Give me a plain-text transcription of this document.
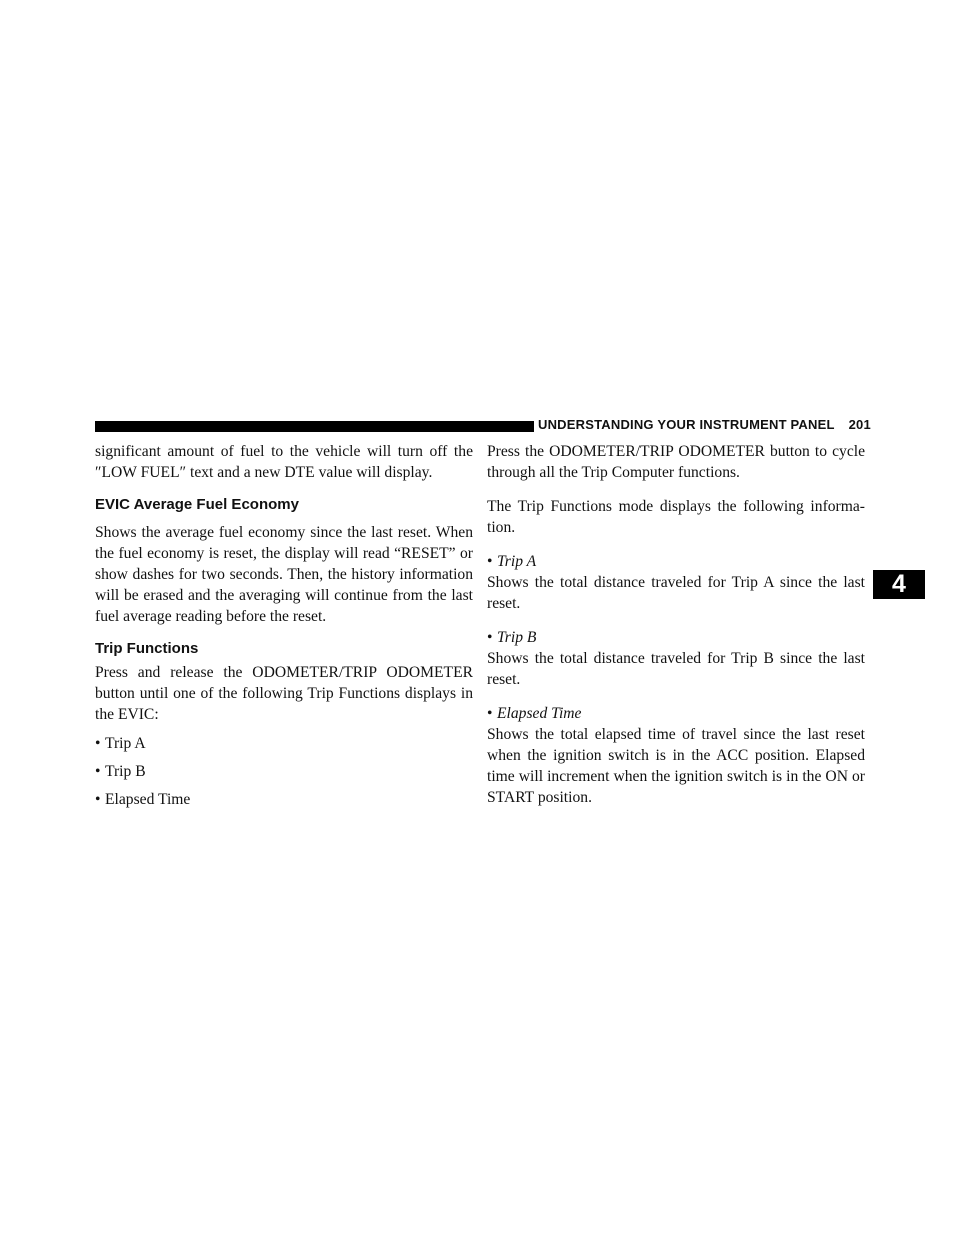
UNDERSTANDING YOUR INSTRUMENT PANEL 201
4

significant amount of fuel to the vehicle will turn off the ″LOW FUEL″ text and a new DTE value will display.

EVIC Average Fuel Economy

Shows the average fuel economy since the last reset. When the fuel economy is reset, the display will read “RESET” or show dashes for two seconds. Then, the history information will be erased and the averaging will continue from the last fuel average reading before the reset.

Trip Functions

Press and release the ODOMETER/TRIP ODOMETER button until one of the following Trip Functions displays in the EVIC:

• Trip A
• Trip B
• Elapsed Time

Press the ODOMETER/TRIP ODOMETER button to cycle through all the Trip Computer functions.

The Trip Functions mode displays the following informa-tion.

• Trip A

Shows the total distance traveled for Trip A since the last reset.

• Trip B

Shows the total distance traveled for Trip B since the last reset.

• Elapsed Time

Shows the total elapsed time of travel since the last reset when the ignition switch is in the ACC position. Elapsed time will increment when the ignition switch is in the ON or START position.
